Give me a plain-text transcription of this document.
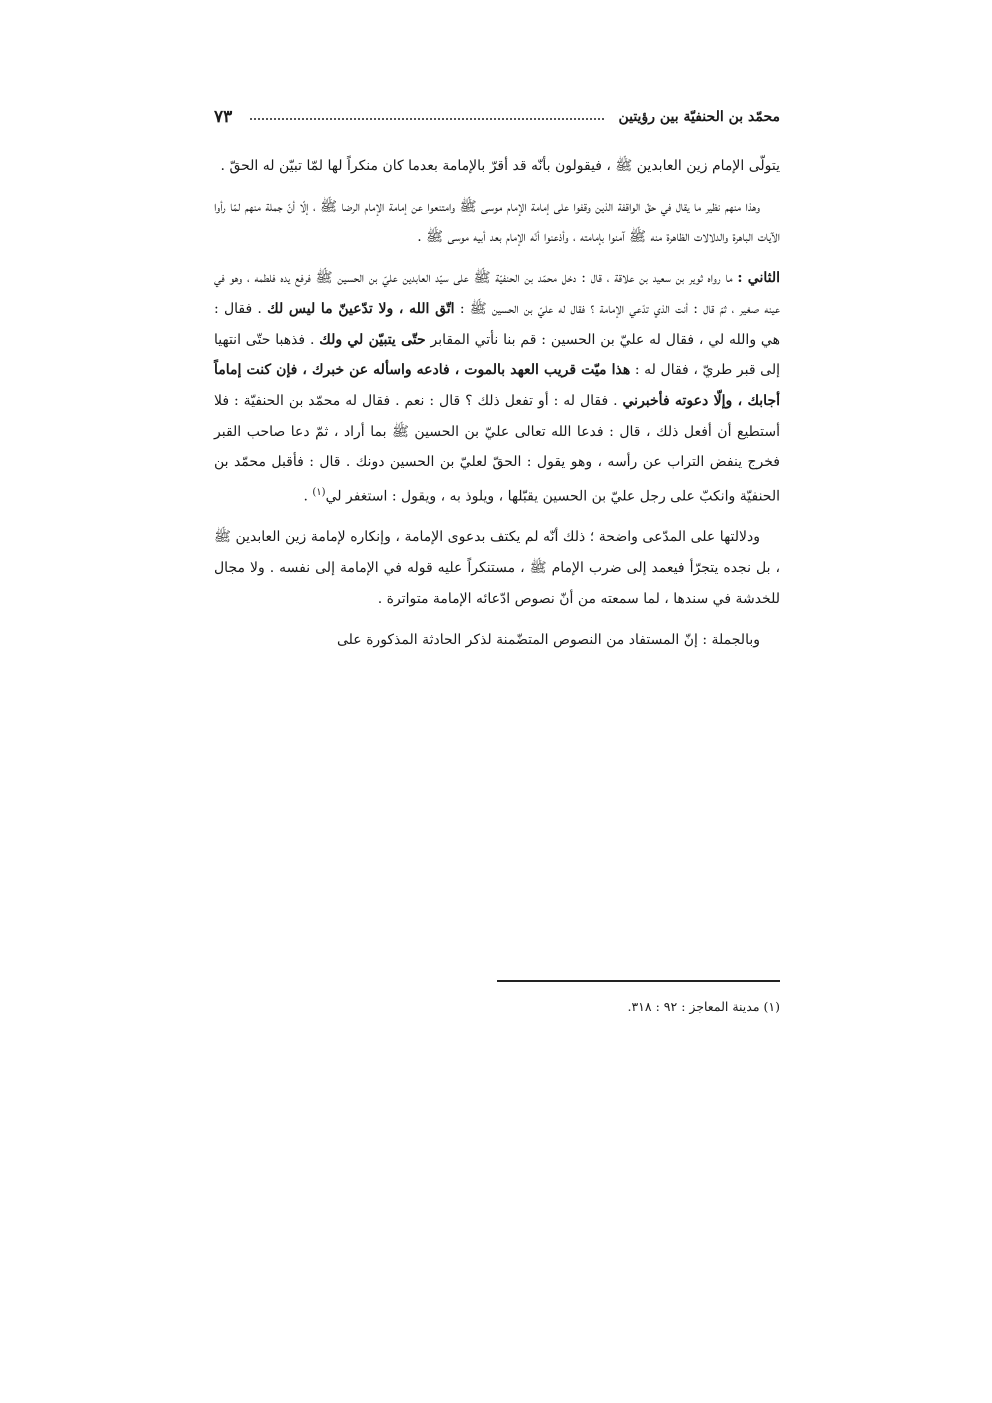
محمّد بن الحنفيّة بين رؤيتين
٧٣

يتولّى الإمام زين العابدين ﷺ ، فيقولون بأنّه قد أقرّ بالإمامة بعدما كان منكراً لها لمّا تبيّن له الحقّ .

وهذا منهم نظير ما يقال في حقّ الواقفة الذين وقفوا على إمامة الإمام موسى ﷺ وامتنعوا عن إمامة الإمام الرضا ﷺ ، إلّا أنّ جملة منهم لمّا رأوا الآيات الباهرة والدلالات الظاهرة منه ﷺ آمنوا بإمامته ، وأذعنوا أنّه الإمام بعد أبيه موسى ﷺ .

الثاني : ما رواه ثوير بن سعيد بن علاقة ، قال : دخل محمّد بن الحنفيّة ﷺ على سيّد العابدين عليّ بن الحسين ﷺ فرفع يده فلطمه ، وهو في عينه صغير ، ثمّ قال : أنت الذي تدّعي الإمامة ؟ فقال له عليّ بن الحسين ﷺ : اتّق الله ، ولا تدّعينّ ما ليس لك . فقال : هي والله لي ، فقال له عليّ بن الحسين : قم بنا نأتي المقابر حتّى يتبيّن لي ولك . فذهبا حتّى انتهيا إلى قبر طريّ ، فقال له : هذا ميّت قريب العهد بالموت ، فادعه واسأله عن خبرك ، فإن كنت إماماً أجابك ، وإلّا دعوته فأخبرني . فقال له : أو تفعل ذلك ؟ قال : نعم . فقال له محمّد بن الحنفيّة : فلا أستطيع أن أفعل ذلك ، قال : فدعا الله تعالى عليّ بن الحسين ﷺ بما أراد ، ثمّ دعا صاحب القبر فخرج ينفض التراب عن رأسه ، وهو يقول : الحقّ لعليّ بن الحسين دونك . قال : فأقبل محمّد بن الحنفيّة وانكبّ على رجل عليّ بن الحسين يقبّلها ، ويلوذ به ، ويقول : استغفر لي$^{(١)}$ .

ودلالتها على المدّعى واضحة ؛ ذلك أنّه لم يكتف بدعوى الإمامة ، وإنكاره لإمامة زين العابدين ﷺ ، بل نجده يتجرّأ فيعمد إلى ضرب الإمام ﷺ ، مستنكراً عليه قوله في الإمامة إلى نفسه . ولا مجال للخدشة في سندها ، لما سمعته من أنّ نصوص ادّعائه الإمامة متواترة .

وبالجملة : إنّ المستفاد من النصوص المتضّمنة لذكر الحادثة المذكورة على

(١) مدينة المعاجز : ٩٢ : ٣١٨.
